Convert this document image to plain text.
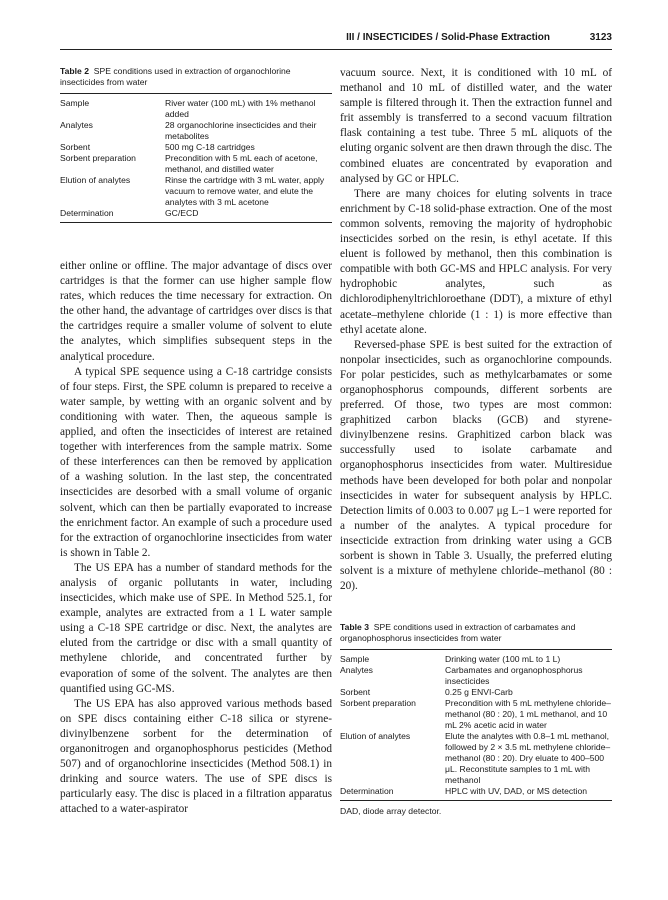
III / INSECTICIDES / Solid-Phase Extraction	3123
Table 2 SPE conditions used in extraction of organochlorine insecticides from water
Sample	River water (100 mL) with 1% methanol added
Analytes	28 organochlorine insecticides and their metabolites
Sorbent	500 mg C-18 cartridges
Sorbent preparation	Precondition with 5 mL each of acetone, methanol, and distilled water
Elution of analytes	Rinse the cartridge with 3 mL water, apply vacuum to remove water, and elute the analytes with 3 mL acetone
Determination	GC/ECD

either online or offline. The major advantage of discs over cartridges is that the former can use higher sample flow rates, which reduces the time necessary for extraction. On the other hand, the advantage of cartridges over discs is that the cartridges require a smaller volume of solvent to elute the analytes, which simplifies subsequent steps in the analytical procedure.

A typical SPE sequence using a C-18 cartridge consists of four steps. First, the SPE column is prepared to receive a water sample, by wetting with an organic solvent and by conditioning with water. Then, the aqueous sample is applied, and often the insecticides of interest are retained together with interferences from the sample matrix. Some of these interferences can then be removed by application of a washing solution. In the last step, the concentrated insecticides are desorbed with a small volume of organic solvent, which can then be partially evaporated to increase the enrichment factor. An example of such a procedure used for the extraction of organochlorine insecticides from water is shown in Table 2.

The US EPA has a number of standard methods for the analysis of organic pollutants in water, including insecticides, which make use of SPE. In Method 525.1, for example, analytes are extracted from a 1 L water sample using a C-18 SPE cartridge or disc. Next, the analytes are eluted from the cartridge or disc with a small quantity of methylene chloride, and concentrated further by evaporation of some of the solvent. The analytes are then quantified using GC-MS.

The US EPA has also approved various methods based on SPE discs containing either C-18 silica or styrene-divinylbenzene sorbent for the determination of organonitrogen and organophosphorus pesticides (Method 507) and of organochlorine insecticides (Method 508.1) in drinking and source waters. The use of SPE discs is particularly easy. The disc is placed in a filtration apparatus attached to a water-aspirator

vacuum source. Next, it is conditioned with 10 mL of methanol and 10 mL of distilled water, and the water sample is filtered through it. Then the extraction funnel and frit assembly is transferred to a second vacuum filtration flask containing a test tube. Three 5 mL aliquots of the eluting organic solvent are then drawn through the disc. The combined eluates are concentrated by evaporation and analysed by GC or HPLC.

There are many choices for eluting solvents in trace enrichment by C-18 solid-phase extraction. One of the most common solvents, removing the majority of hydrophobic insecticides sorbed on the resin, is ethyl acetate. If this eluent is followed by methanol, then this combination is compatible with both GC-MS and HPLC analysis. For very hydrophobic analytes, such as dichlorodiphenyltrichloroethane (DDT), a mixture of ethyl acetate–methylene chloride (1 : 1) is more effective than ethyl acetate alone.

Reversed-phase SPE is best suited for the extraction of nonpolar insecticides, such as organochlorine compounds. For polar pesticides, such as methylcarbamates or some organophosphorus compounds, different sorbents are preferred. Of those, two types are most common: graphitized carbon blacks (GCB) and styrene-divinylbenzene resins. Graphitized carbon black was successfully used to isolate carbamate and organophosphorus insecticides from water. Multiresidue methods have been developed for both polar and nonpolar insecticides in water for subsequent analysis by HPLC. Detection limits of 0.003 to 0.007 μg L−1 were reported for a number of the analytes. A typical procedure for insecticide extraction from drinking water using a GCB sorbent is shown in Table 3. Usually, the preferred eluting solvent is a mixture of methylene chloride–methanol (80 : 20).

Table 3 SPE conditions used in extraction of carbamates and organophosphorus insecticides from water
Sample	Drinking water (100 mL to 1 L)
Analytes	Carbamates and organophosphorus insecticides
Sorbent	0.25 g ENVI-Carb
Sorbent preparation	Precondition with 5 mL methylene chloride–methanol (80 : 20), 1 mL methanol, and 10 mL 2% acetic acid in water
Elution of analytes	Elute the analytes with 0.8–1 mL methanol, followed by 2 × 3.5 mL methylene chloride–methanol (80 : 20). Dry eluate to 400–500 μL. Reconstitute samples to 1 mL with methanol
Determination	HPLC with UV, DAD, or MS detection
DAD, diode array detector.
